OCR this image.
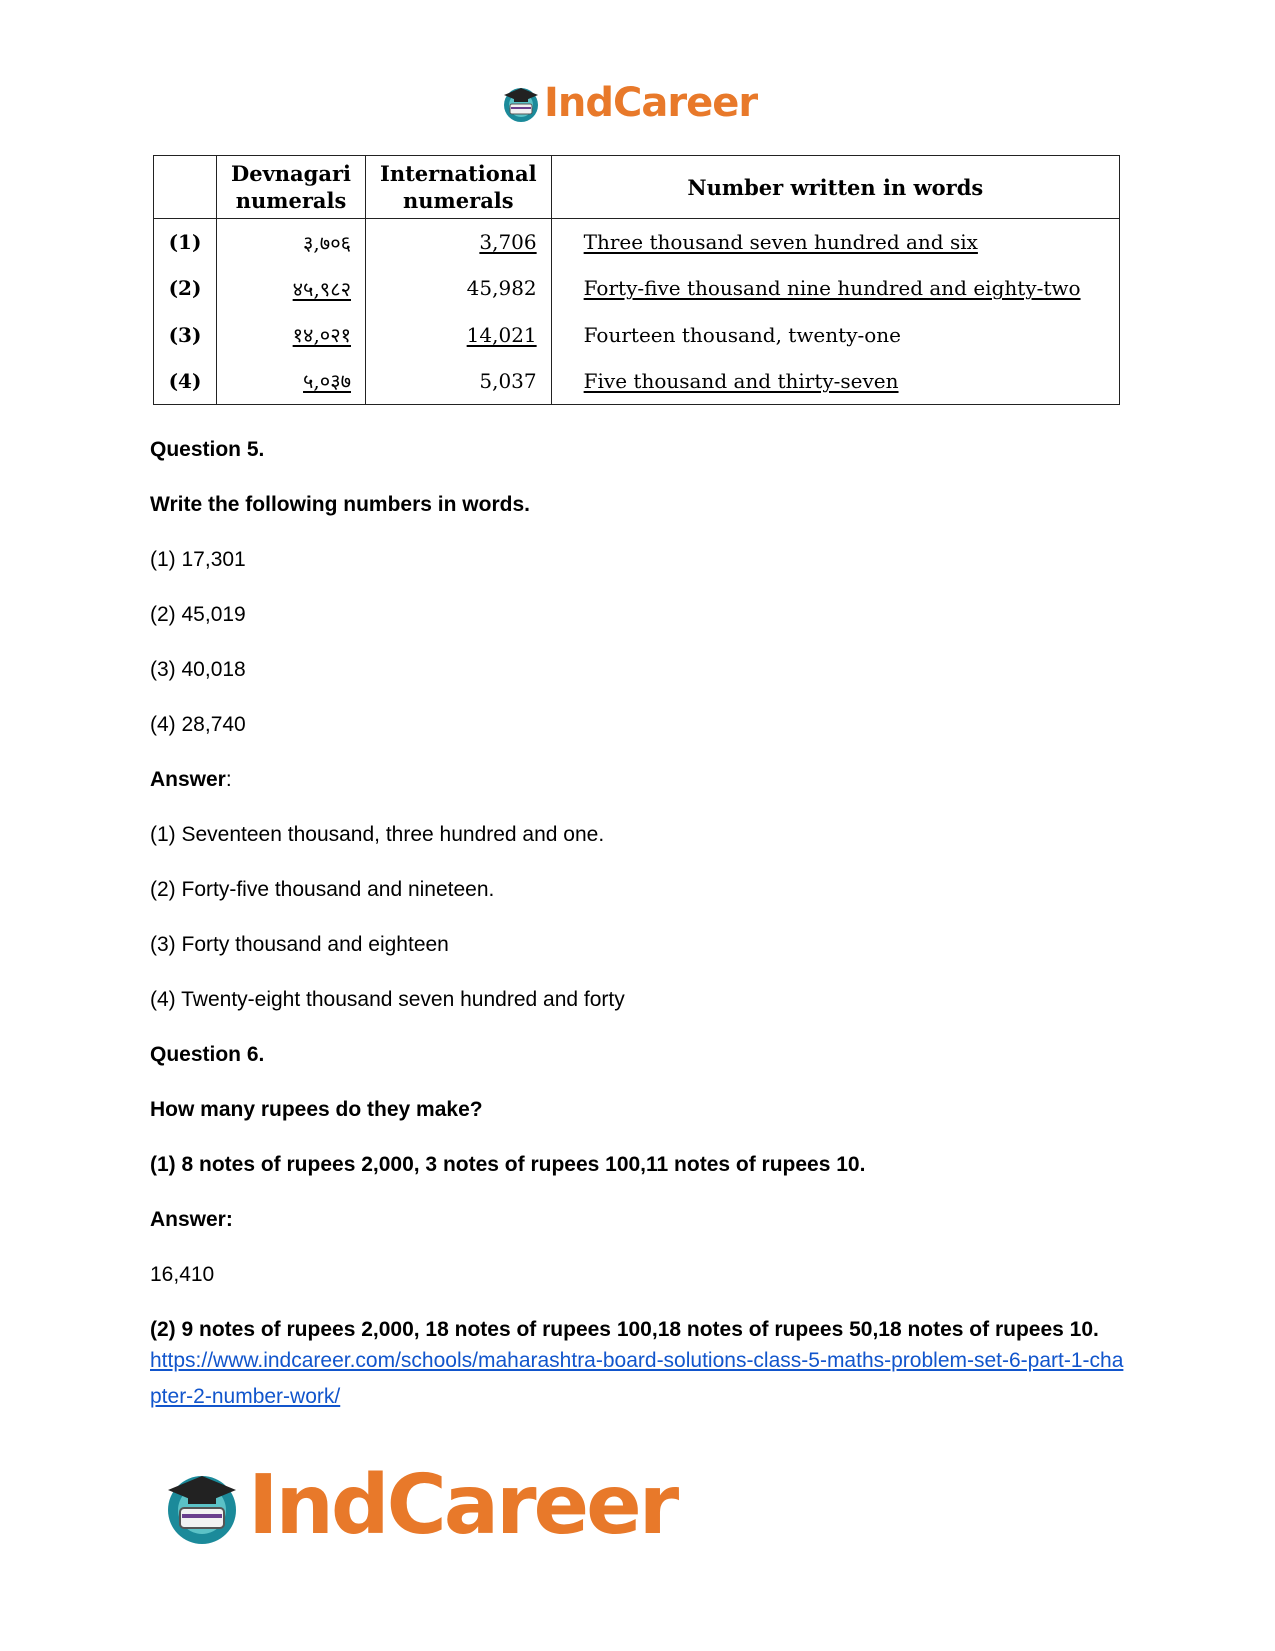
IndCareer
	Devnagari numerals	International numerals	Number written in words
(1)	३,७०६	3,706	Three thousand seven hundred and six
(2)	४५,९८२	45,982	Forty-five thousand nine hundred and eighty-two
(3)	१४,०२१	14,021	Fourteen thousand, twenty-one
(4)	५,०३७	5,037	Five thousand and thirty-seven

Question 5.

Write the following numbers in words.

(1) 17,301

(2) 45,019

(3) 40,018

(4) 28,740

Answer:

(1) Seventeen thousand, three hundred and one.

(2) Forty-five thousand and nineteen.

(3) Forty thousand and eighteen

(4) Twenty-eight thousand seven hundred and forty

Question 6.

How many rupees do they make?

(1) 8 notes of rupees 2,000, 3 notes of rupees 100,11 notes of rupees 10.

Answer:

16,410

(2) 9 notes of rupees 2,000, 18 notes of rupees 100,18 notes of rupees 50,18 notes of rupees 10.

https://www.indcareer.com/schools/maharashtra-board-solutions-class-5-maths-problem-set-6-part-1-chapter-2-number-work/
IndCareer
